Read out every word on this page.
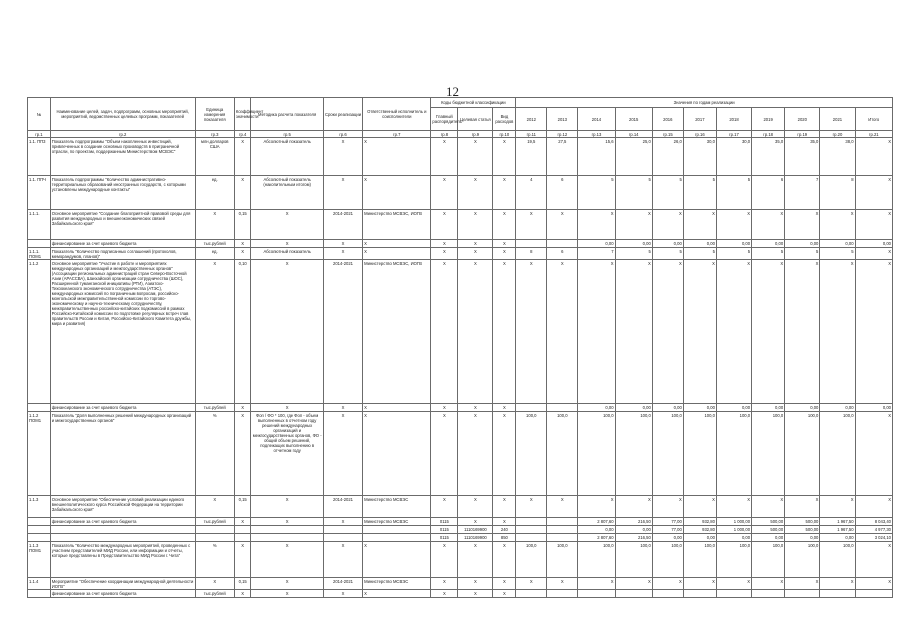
12
№	Наименование целей, задач, подпрограмм, основных мероприятий, мероприятий, ведомственных целевых программ, показателей	Единица измерения показателя	Коэффициент значимости	Методика расчета показателя	Сроки реализации	Ответственный исполнитель и соисполнители	Коды бюджетной классификации			Значения по годам реализации										
							Главный распорядитель	Целевая статья	Вид расходов	2012	2013	2014	2015	2016	2017	2018	2019	2020	2021	Итого
гр.1	гр.2	гр.3	гр.4	гр.5	гр.6	гр.7	гр.8	гр.9	гр.10	гр.11	гр.12	гр.13	гр.14	гр.15	гр.16	гр.17	гр.18	гр.19	гр.20	гр.21
1.1. ПП3	Показатель подпрограммы "Объем накопленных инвестиций, привлеченных в создание основных производств в приграничной отрасли, по проектам, поддержанным Министерством МСВЭС"	млн.долларов США	Х	Абсолютный показатель	Х	Х	Х	Х	Х	19,5	27,5	15,6	25,0	26,0	30,0	30,0	35,0	35,0	38,0	Х
1.1. ППЧ	Показатель подпрограммы "Количество административно-территориальных образований иностранных государств, с которыми установлены международные контакты"	ед.	Х	Абсолютный показатель (накопительным итогом)	Х	Х	Х	Х	Х	4	6	5	5	5	5	5	6	7	8	Х
1.1.1.	Основное мероприятие "Создание благоприятной правовой среды для развития международных и внешнеэкономических связей Забайкальского края"	Х	0,15	Х	2014-2021	Министерство МСВЭС, ИОГВ	Х	Х	Х	Х	Х	Х	Х	Х	Х	Х	Х	Х	Х	Х
	финансирование за счет краевого бюджета	тыс.рублей	Х	Х	Х	Х	Х	Х	Х			0,00	0,00	0,00	0,00	0,00	0,00	0,00	0,00	0,00
1.1.1. ПОМ1	Показатель "Количество подписанных соглашений (протоколов, меморандумов, планов)"	ед.	Х	Абсолютный показатель	Х	Х	Х	Х	Х	8	6	7	5	5	5	5	5	5	5	Х
1.1.2	Основное мероприятие "Участие в работе и мероприятиях международных организаций и межгосударственных органов" (Ассоциации региональных администраций стран Северо-Восточной Азии (АРАССВА), Шанхайской организации сотрудничества (ШОС), Расширенной туманганской инициативы (РТИ), Азиатско-Тихоокеанского экономического сотрудничества (АТЭС), международных комиссий по пограничным вопросам, российско-монгольской межправительственной комиссии по торгово-экономическому и научно-техническому сотрудничеству, межправительственных российско-китайских подкомиссий в рамках Российско-Китайской комиссии по подготовке регулярных встреч глав правительств России и Китая, Российско-Китайского Комитета дружбы, мира и развития)	Х	0,10	Х	2014-2021	Министерство МСВЭС, ИОГВ	Х	Х	Х	Х	Х	Х	Х	Х	Х	Х	Х	Х	Х	Х
	финансирование за счет краевого бюджета	тыс.рублей	Х	Х	Х	Х	Х	Х	Х			0,00	0,00	0,00	0,00	0,00	0,00	0,00	0,00	0,00
1.1.2 ПОМ1	Показатель "Доля выполненных решений международных организаций и межгосударственных органов"	%	Х	Фоп / ФО * 100, где Фоп - объем выполненных в отчетном году решений международных организаций и межгосударственных органов, ФО - общий объем решений, подлежащих выполнению в отчетном году	Х	Х	Х	Х	Х	100,0	100,0	100,0	100,0	100,0	100,0	100,0	100,0	100,0	100,0	Х
1.1.3	Основное мероприятие "Обеспечение условий реализации единого внешнеполитического курса Российской Федерации на территории Забайкальского края"	Х	0,15	Х	2014-2021	Министерство МСВЭС	Х	Х	Х	Х	Х	Х	Х	Х	Х	Х	Х	Х	Х	Х
	финансирование за счет краевого бюджета	тыс.рублей	Х	Х	Х	Министерство МСВЭС	0115	Х	Х			2 807,60	216,50	77,00	932,80	1 000,00	500,00	500,00	1 967,50	8 043,40
							0115	1110169900	240			0,00	0,00	77,00	932,80	1 000,00	500,00	500,00	1 967,50	4 977,30
							0115	1110169900	850			2 807,60	216,50	0,00	0,00	0,00	0,00	0,00	0,00	3 024,10
1.1.3 ПОМ1	Показатель "Количество международных мероприятий, проведенных с участием представителей МИД России, или информации и отчеты, которые представлены в Представительство МИД России г. Чита"	%	Х	Х	Х	Х	Х	Х	Х	100,0	100,0	100,0	100,0	100,0	100,0	100,0	100,0	100,0	100,0	Х
1.1.4	Мероприятие "Обеспечение координации международной деятельности ИОГВ"	Х	0,15	Х	2014-2021	Министерство МСВЭС	Х	Х	Х	Х	Х	Х	Х	Х	Х	Х	Х	Х	Х	Х
	финансирование за счет краевого бюджета	тыс.рублей	Х	Х	Х	Х	Х	Х	Х											
